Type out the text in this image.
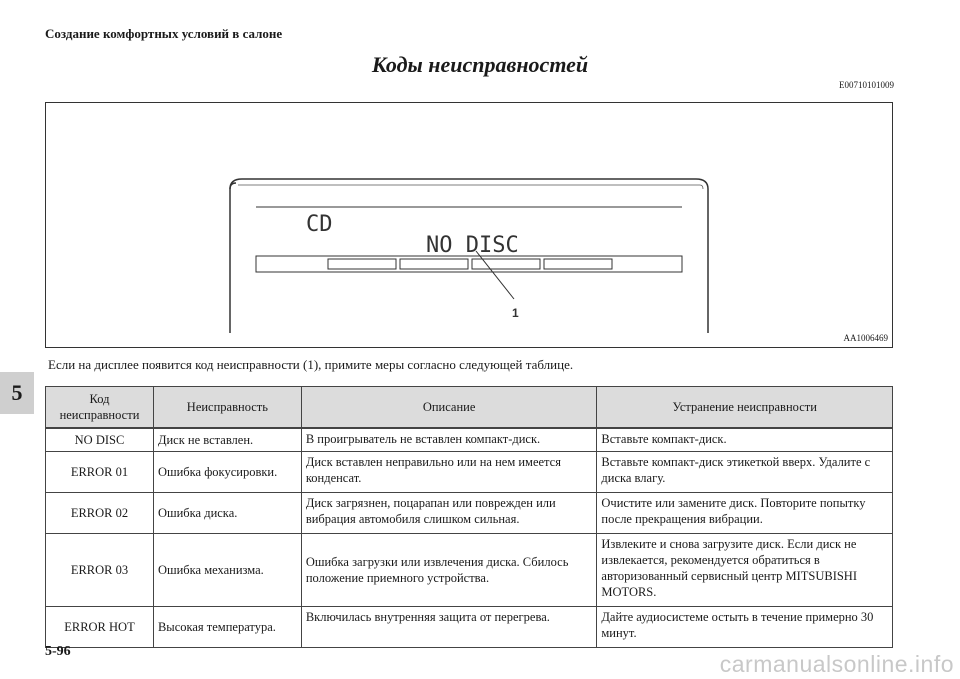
Создание комфортных условий в салоне
Коды неисправностей
E00710101009
CD
NO DISC
1
AA1006469
Если на дисплее появится код неисправности (1), примите меры согласно следующей таблице.
5	Код неисправности	Неисправность	Описание	Устранение неисправности
NO DISC	Диск не вставлен.	В проигрыватель не вставлен компакт-диск.	Вставьте компакт-диск.
ERROR 01	Ошибка фокусировки.	Диск вставлен неправильно или на нем имеется конденсат.	Вставьте компакт-диск этикеткой вверх. Удалите с диска влагу.
ERROR 02	Ошибка диска.	Диск загрязнен, поцарапан или поврежден или вибрация автомобиля слишком сильная.	Очистите или замените диск. Повторите попытку после прекращения вибрации.
ERROR 03	Ошибка механизма.	Ошибка загрузки или извлечения диска. Сбилось положение приемного устройства.	Извлеките и снова загрузите диск. Если диск не извлекается, рекомендуется обратиться в авторизованный сервисный центр MITSUBISHI MOTORS.
ERROR HOT	Высокая температура.	Включилась внутренняя защита от перегрева.	Дайте аудиосистеме остыть в течение примерно 30 минут.
5-96	carmanualsonline.info
